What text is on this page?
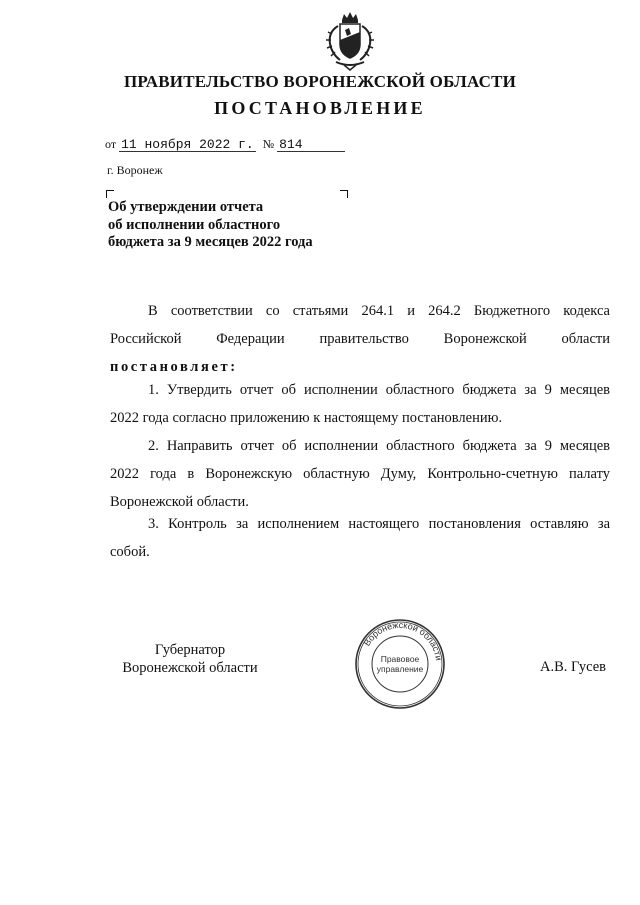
ПРАВИТЕЛЬСТВО ВОРОНЕЖСКОЙ ОБЛАСТИ
ПОСТАНОВЛЕНИЕ
от 11 ноября 2022 г. № 814
г. Воронеж
Об утверждении отчета
об исполнении областного
бюджета за 9 месяцев 2022 года
В соответствии со статьями 264.1 и 264.2 Бюджетного кодекса
Российской Федерации правительство Воронежской области
постановляет:
1. Утвердить отчет об исполнении областного бюджета за 9 месяцев
2022 года согласно приложению к настоящему постановлению.
2. Направить отчет об исполнении областного бюджета за 9 месяцев
2022 года в Воронежскую областную Думу, Контрольно-счетную палату
Воронежской области.
3. Контроль за исполнением настоящего постановления оставляю за
собой.
Губернатор
Воронежской области
Воронежской области
Правовое
управление	А.В. Гусев
